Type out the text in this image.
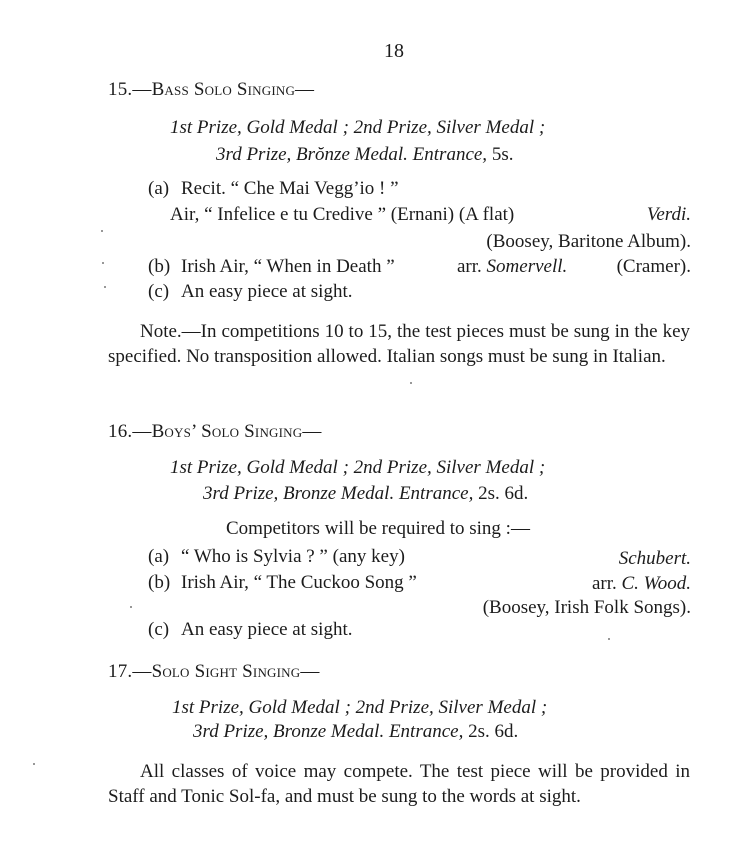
18
15.—Bass Solo Singing—
1st Prize, Gold Medal ; 2nd Prize, Silver Medal ;
3rd Prize, Brŏnze Medal. Entrance, 5s.
(a) Recit. “ Che Mai Vegg’io ! ”
Air, “ Infelice e tu Credive ” (Ernani) (A flat)	Verdi.
(Boosey, Baritone Album).
(b) Irish Air, “ When in Death ”	arr. Somervell.	(Cramer).
(c) An easy piece at sight.
Note.—In competitions 10 to 15, the test pieces must be sung in the key specified. No transposition allowed. Italian songs must be sung in Italian.
16.—Boys’ Solo Singing—
1st Prize, Gold Medal ; 2nd Prize, Silver Medal ;
3rd Prize, Bronze Medal. Entrance, 2s. 6d.
Competitors will be required to sing :—
(a) “ Who is Sylvia ? ” (any key)	Schubert.
(b) Irish Air, “ The Cuckoo Song ”	arr. C. Wood.
(Boosey, Irish Folk Songs).
(c) An easy piece at sight.
17.—Solo Sight Singing—
1st Prize, Gold Medal ; 2nd Prize, Silver Medal ;
3rd Prize, Bronze Medal. Entrance, 2s. 6d.
All classes of voice may compete. The test piece will be provided in Staff and Tonic Sol-fa, and must be sung to the words at sight.
